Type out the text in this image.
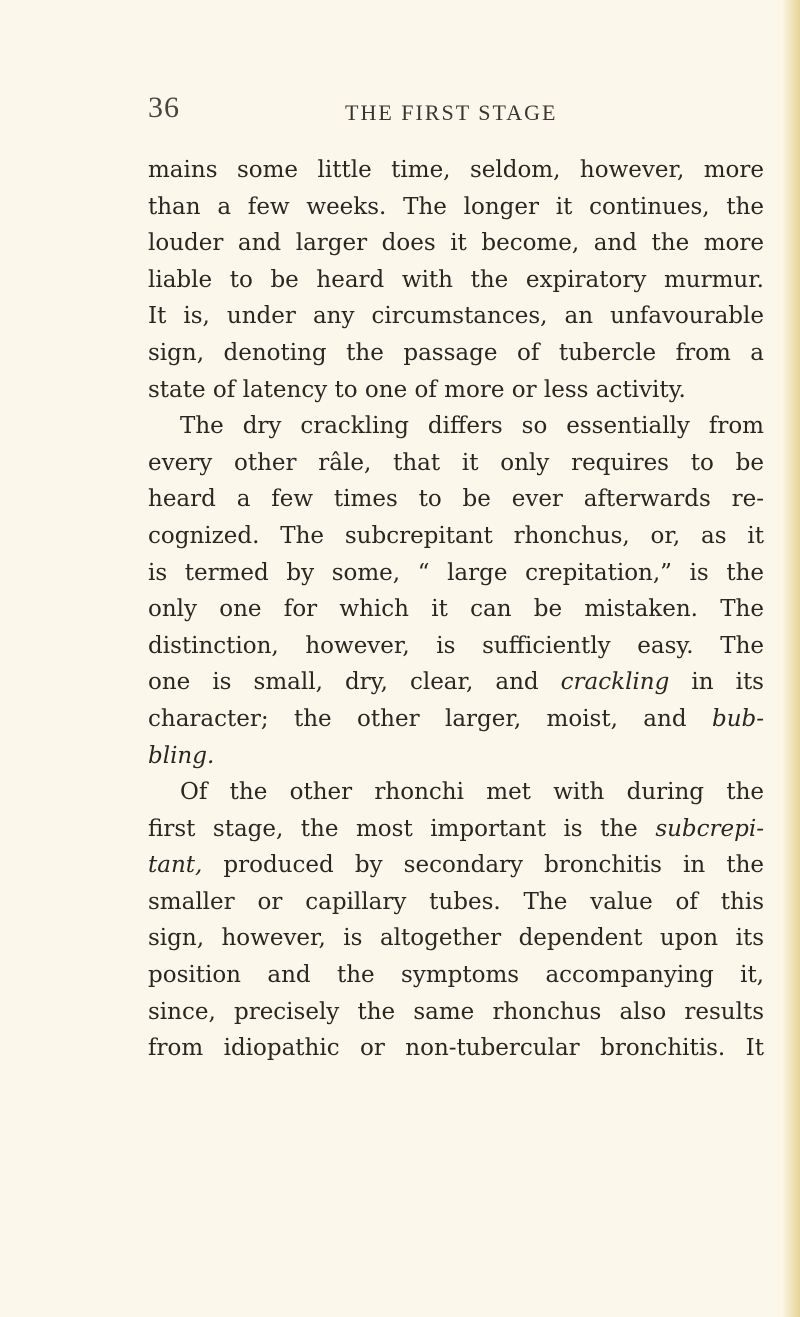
36	THE FIRST STAGE
mains some little time, seldom, however, more
than a few weeks. The longer it continues, the
louder and larger does it become, and the more
liable to be heard with the expiratory murmur.
It is, under any circumstances, an unfavourable
sign, denoting the passage of tubercle from a
state of latency to one of more or less activity.
The dry crackling differs so essentially from
every other râle, that it only requires to be
heard a few times to be ever afterwards re-
cognized. The subcrepitant rhonchus, or, as it
is termed by some, “ large crepitation,” is the
only one for which it can be mistaken. The
distinction, however, is sufficiently easy. The
one is small, dry, clear, and crackling in its
character; the other larger, moist, and bub-
bling.
Of the other rhonchi met with during the
first stage, the most important is the subcrepi-
tant, produced by secondary bronchitis in the
smaller or capillary tubes. The value of this
sign, however, is altogether dependent upon its
position and the symptoms accompanying it,
since, precisely the same rhonchus also results
from idiopathic or non-tubercular bronchitis. It
